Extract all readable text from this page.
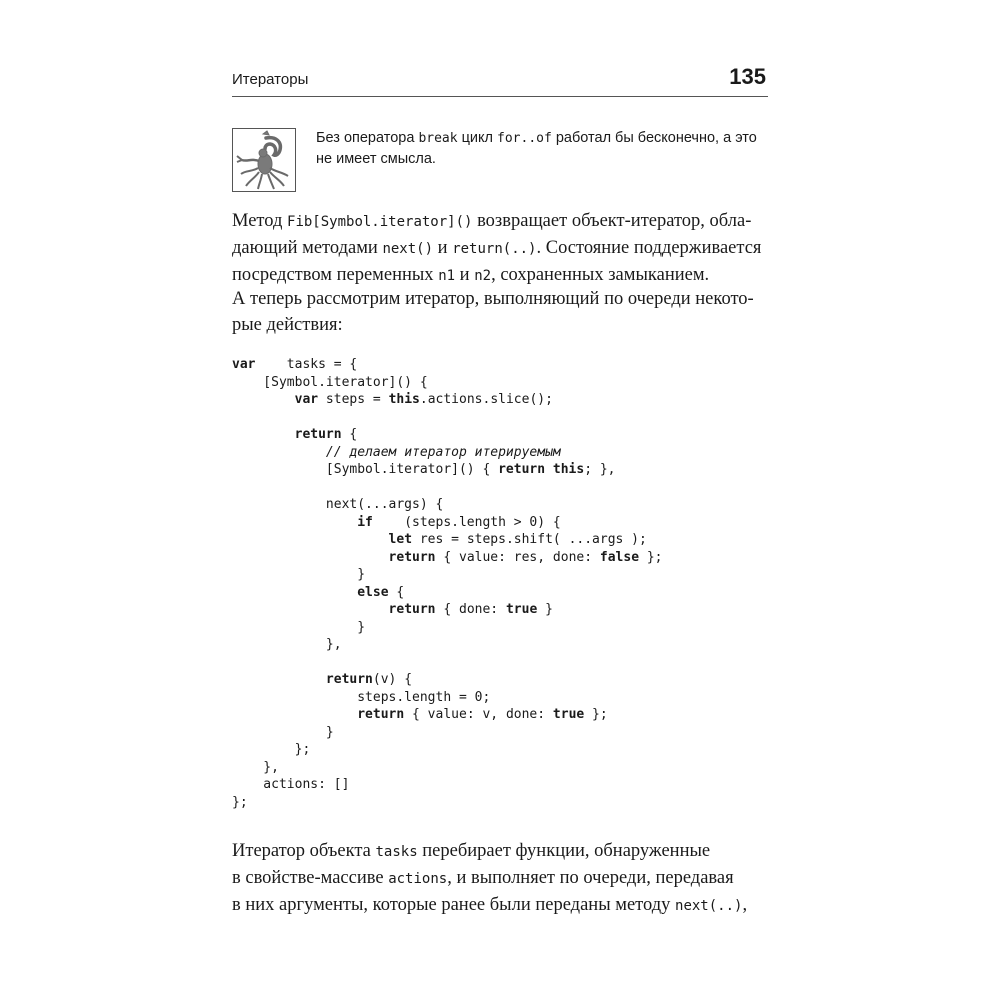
Итераторы	135
Без оператора break цикл for..of работал бы бесконечно, а это
не имеет смысла.

Метод Fib[Symbol.iterator]() возвращает объект-итератор, обла-
дающий методами next() и return(..). Состояние поддерживается
посредством переменных n1 и n2, сохраненных замыканием.

А теперь рассмотрим итератор, выполняющий по очереди некото-
рые действия:

var    tasks = {
[Symbol.iterator]() {
var steps = this.actions.slice();
return {
// делаем итератор итерируемым
[Symbol.iterator]() { return this; },
next(...args) {
if    (steps.length > 0) {
let res = steps.shift( ...args );
return { value: res, done: false };
}
else {
return { done: true }
}
},
return(v) {
steps.length = 0;
return { value: v, done: true };
}
};
},
actions: []
};

Итератор объекта tasks перебирает функции, обнаруженные
в свойстве-массиве actions, и выполняет по очереди, передавая
в них аргументы, которые ранее были переданы методу next(..),
